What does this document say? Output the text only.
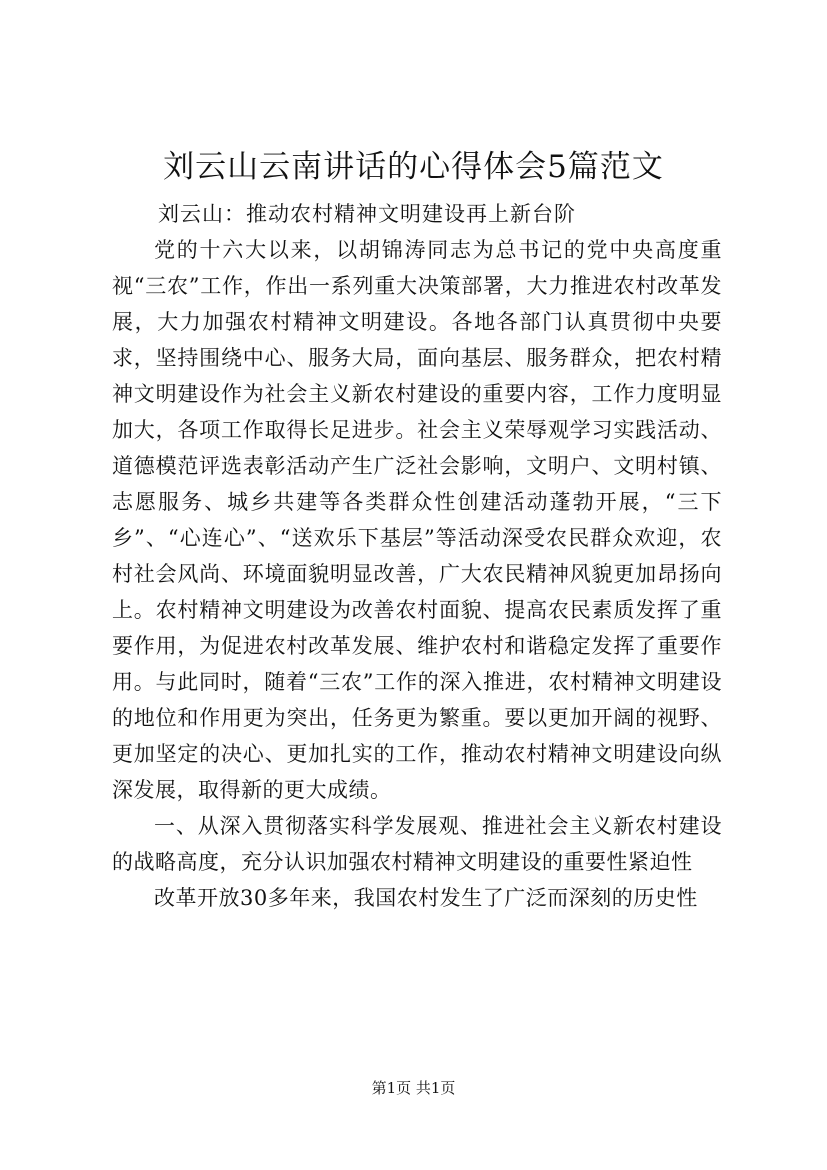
刘云山云南讲话的心得体会5篇范文
刘云山：推动农村精神文明建设再上新台阶

党的十六大以来，以胡锦涛同志为总书记的党中央高度重视“三农”工作，作出一系列重大决策部署，大力推进农村改革发展，大力加强农村精神文明建设。各地各部门认真贯彻中央要求，坚持围绕中心、服务大局，面向基层、服务群众，把农村精神文明建设作为社会主义新农村建设的重要内容，工作力度明显加大，各项工作取得长足进步。社会主义荣辱观学习实践活动、道德模范评选表彰活动产生广泛社会影响，文明户、文明村镇、志愿服务、城乡共建等各类群众性创建活动蓬勃开展，“三下乡”、“心连心”、“送欢乐下基层”等活动深受农民群众欢迎，农村社会风尚、环境面貌明显改善，广大农民精神风貌更加昂扬向上。农村精神文明建设为改善农村面貌、提高农民素质发挥了重要作用，为促进农村改革发展、维护农村和谐稳定发挥了重要作用。与此同时，随着“三农”工作的深入推进，农村精神文明建设的地位和作用更为突出，任务更为繁重。要以更加开阔的视野、更加坚定的决心、更加扎实的工作，推动农村精神文明建设向纵深发展，取得新的更大成绩。

一、从深入贯彻落实科学发展观、推进社会主义新农村建设的战略高度，充分认识加强农村精神文明建设的重要性紧迫性

改革开放30多年来，我国农村发生了广泛而深刻的历史性

第1页 共1页
